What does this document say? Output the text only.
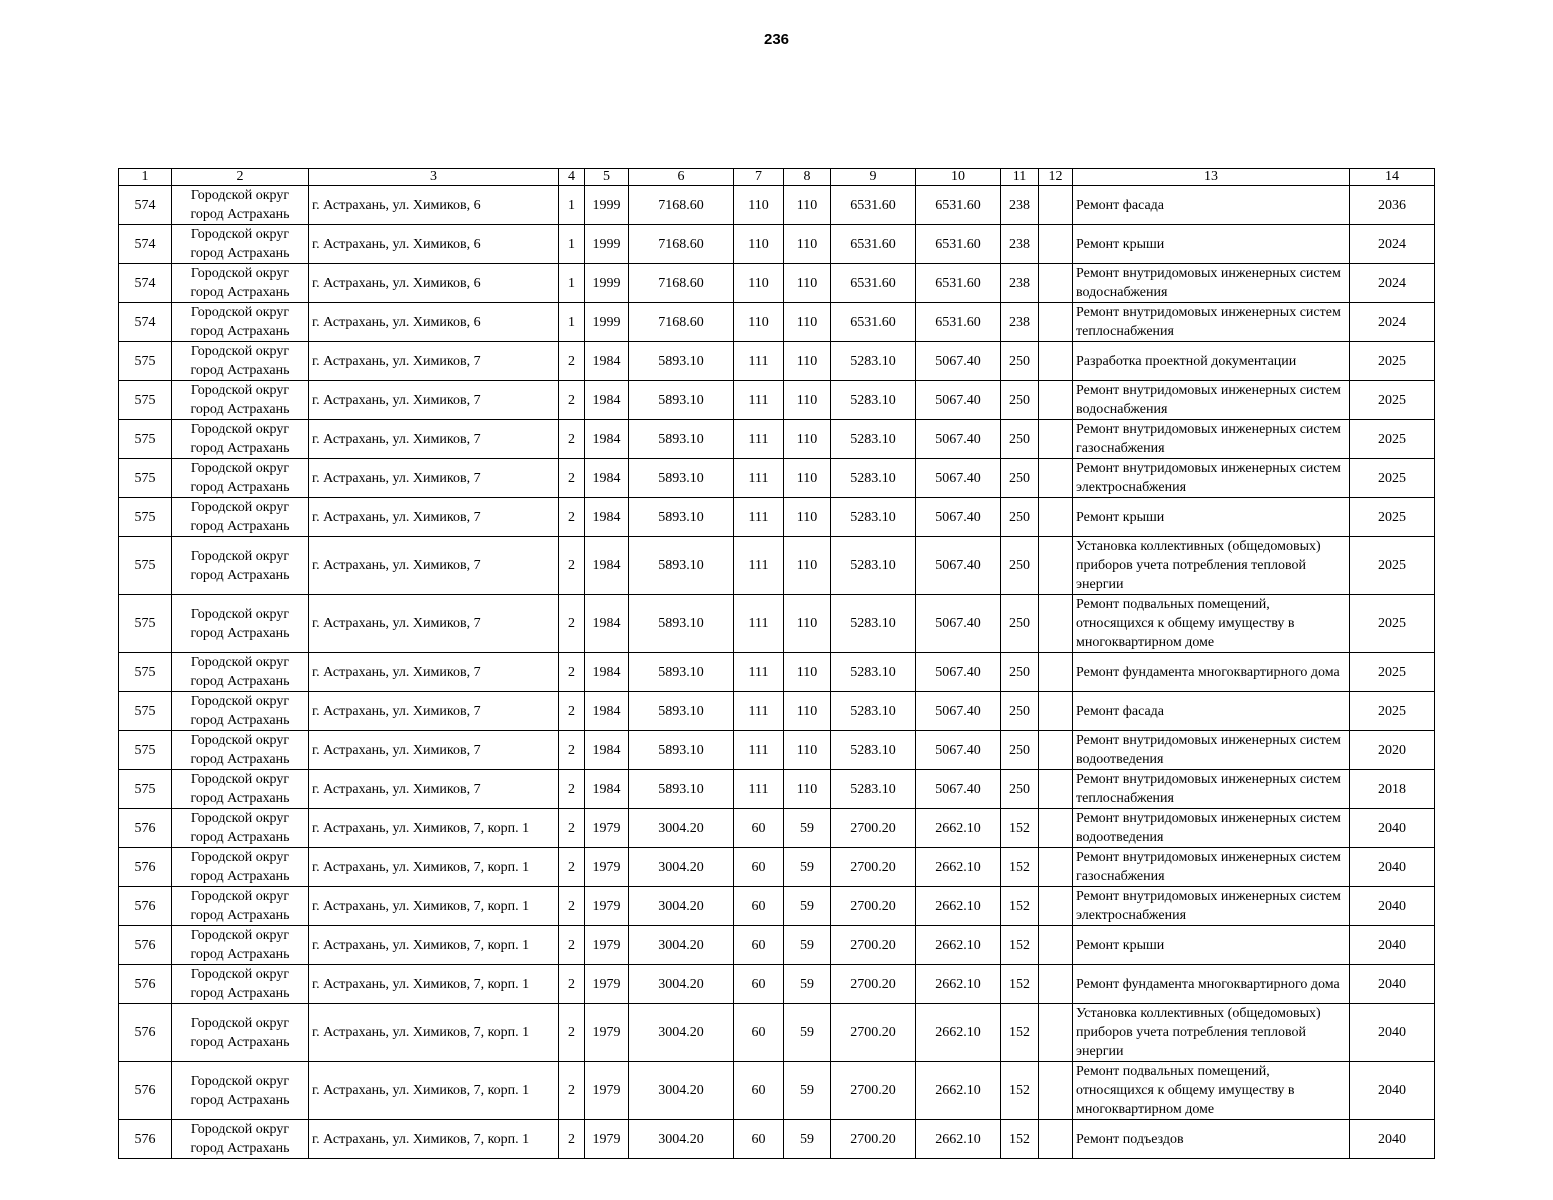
236
1	2	3	4	5	6	7	8	9	10	11	12	13	14
574	Городской округ город Астрахань	г. Астрахань, ул. Химиков, 6	1	1999	7168.60	110	110	6531.60	6531.60	238		Ремонт фасада	2036
574	Городской округ город Астрахань	г. Астрахань, ул. Химиков, 6	1	1999	7168.60	110	110	6531.60	6531.60	238		Ремонт крыши	2024
574	Городской округ город Астрахань	г. Астрахань, ул. Химиков, 6	1	1999	7168.60	110	110	6531.60	6531.60	238		Ремонт внутридомовых инженерных систем водоснабжения	2024
574	Городской округ город Астрахань	г. Астрахань, ул. Химиков, 6	1	1999	7168.60	110	110	6531.60	6531.60	238		Ремонт внутридомовых инженерных систем теплоснабжения	2024
575	Городской округ город Астрахань	г. Астрахань, ул. Химиков, 7	2	1984	5893.10	111	110	5283.10	5067.40	250		Разработка проектной документации	2025
575	Городской округ город Астрахань	г. Астрахань, ул. Химиков, 7	2	1984	5893.10	111	110	5283.10	5067.40	250		Ремонт внутридомовых инженерных систем водоснабжения	2025
575	Городской округ город Астрахань	г. Астрахань, ул. Химиков, 7	2	1984	5893.10	111	110	5283.10	5067.40	250		Ремонт внутридомовых инженерных систем газоснабжения	2025
575	Городской округ город Астрахань	г. Астрахань, ул. Химиков, 7	2	1984	5893.10	111	110	5283.10	5067.40	250		Ремонт внутридомовых инженерных систем электроснабжения	2025
575	Городской округ город Астрахань	г. Астрахань, ул. Химиков, 7	2	1984	5893.10	111	110	5283.10	5067.40	250		Ремонт крыши	2025
575	Городской округ город Астрахань	г. Астрахань, ул. Химиков, 7	2	1984	5893.10	111	110	5283.10	5067.40	250		Установка коллективных (общедомовых) приборов учета потребления тепловой энергии	2025
575	Городской округ город Астрахань	г. Астрахань, ул. Химиков, 7	2	1984	5893.10	111	110	5283.10	5067.40	250		Ремонт подвальных помещений, относящихся к общему имуществу в многоквартирном доме	2025
575	Городской округ город Астрахань	г. Астрахань, ул. Химиков, 7	2	1984	5893.10	111	110	5283.10	5067.40	250		Ремонт фундамента многоквартирного дома	2025
575	Городской округ город Астрахань	г. Астрахань, ул. Химиков, 7	2	1984	5893.10	111	110	5283.10	5067.40	250		Ремонт фасада	2025
575	Городской округ город Астрахань	г. Астрахань, ул. Химиков, 7	2	1984	5893.10	111	110	5283.10	5067.40	250		Ремонт внутридомовых инженерных систем водоотведения	2020
575	Городской округ город Астрахань	г. Астрахань, ул. Химиков, 7	2	1984	5893.10	111	110	5283.10	5067.40	250		Ремонт внутридомовых инженерных систем теплоснабжения	2018
576	Городской округ город Астрахань	г. Астрахань, ул. Химиков, 7, корп. 1	2	1979	3004.20	60	59	2700.20	2662.10	152		Ремонт внутридомовых инженерных систем водоотведения	2040
576	Городской округ город Астрахань	г. Астрахань, ул. Химиков, 7, корп. 1	2	1979	3004.20	60	59	2700.20	2662.10	152		Ремонт внутридомовых инженерных систем газоснабжения	2040
576	Городской округ город Астрахань	г. Астрахань, ул. Химиков, 7, корп. 1	2	1979	3004.20	60	59	2700.20	2662.10	152		Ремонт внутридомовых инженерных систем электроснабжения	2040
576	Городской округ город Астрахань	г. Астрахань, ул. Химиков, 7, корп. 1	2	1979	3004.20	60	59	2700.20	2662.10	152		Ремонт крыши	2040
576	Городской округ город Астрахань	г. Астрахань, ул. Химиков, 7, корп. 1	2	1979	3004.20	60	59	2700.20	2662.10	152		Ремонт фундамента многоквартирного дома	2040
576	Городской округ город Астрахань	г. Астрахань, ул. Химиков, 7, корп. 1	2	1979	3004.20	60	59	2700.20	2662.10	152		Установка коллективных (общедомовых) приборов учета потребления тепловой энергии	2040
576	Городской округ город Астрахань	г. Астрахань, ул. Химиков, 7, корп. 1	2	1979	3004.20	60	59	2700.20	2662.10	152		Ремонт подвальных помещений, относящихся к общему имуществу в многоквартирном доме	2040
576	Городской округ город Астрахань	г. Астрахань, ул. Химиков, 7, корп. 1	2	1979	3004.20	60	59	2700.20	2662.10	152		Ремонт подъездов	2040
